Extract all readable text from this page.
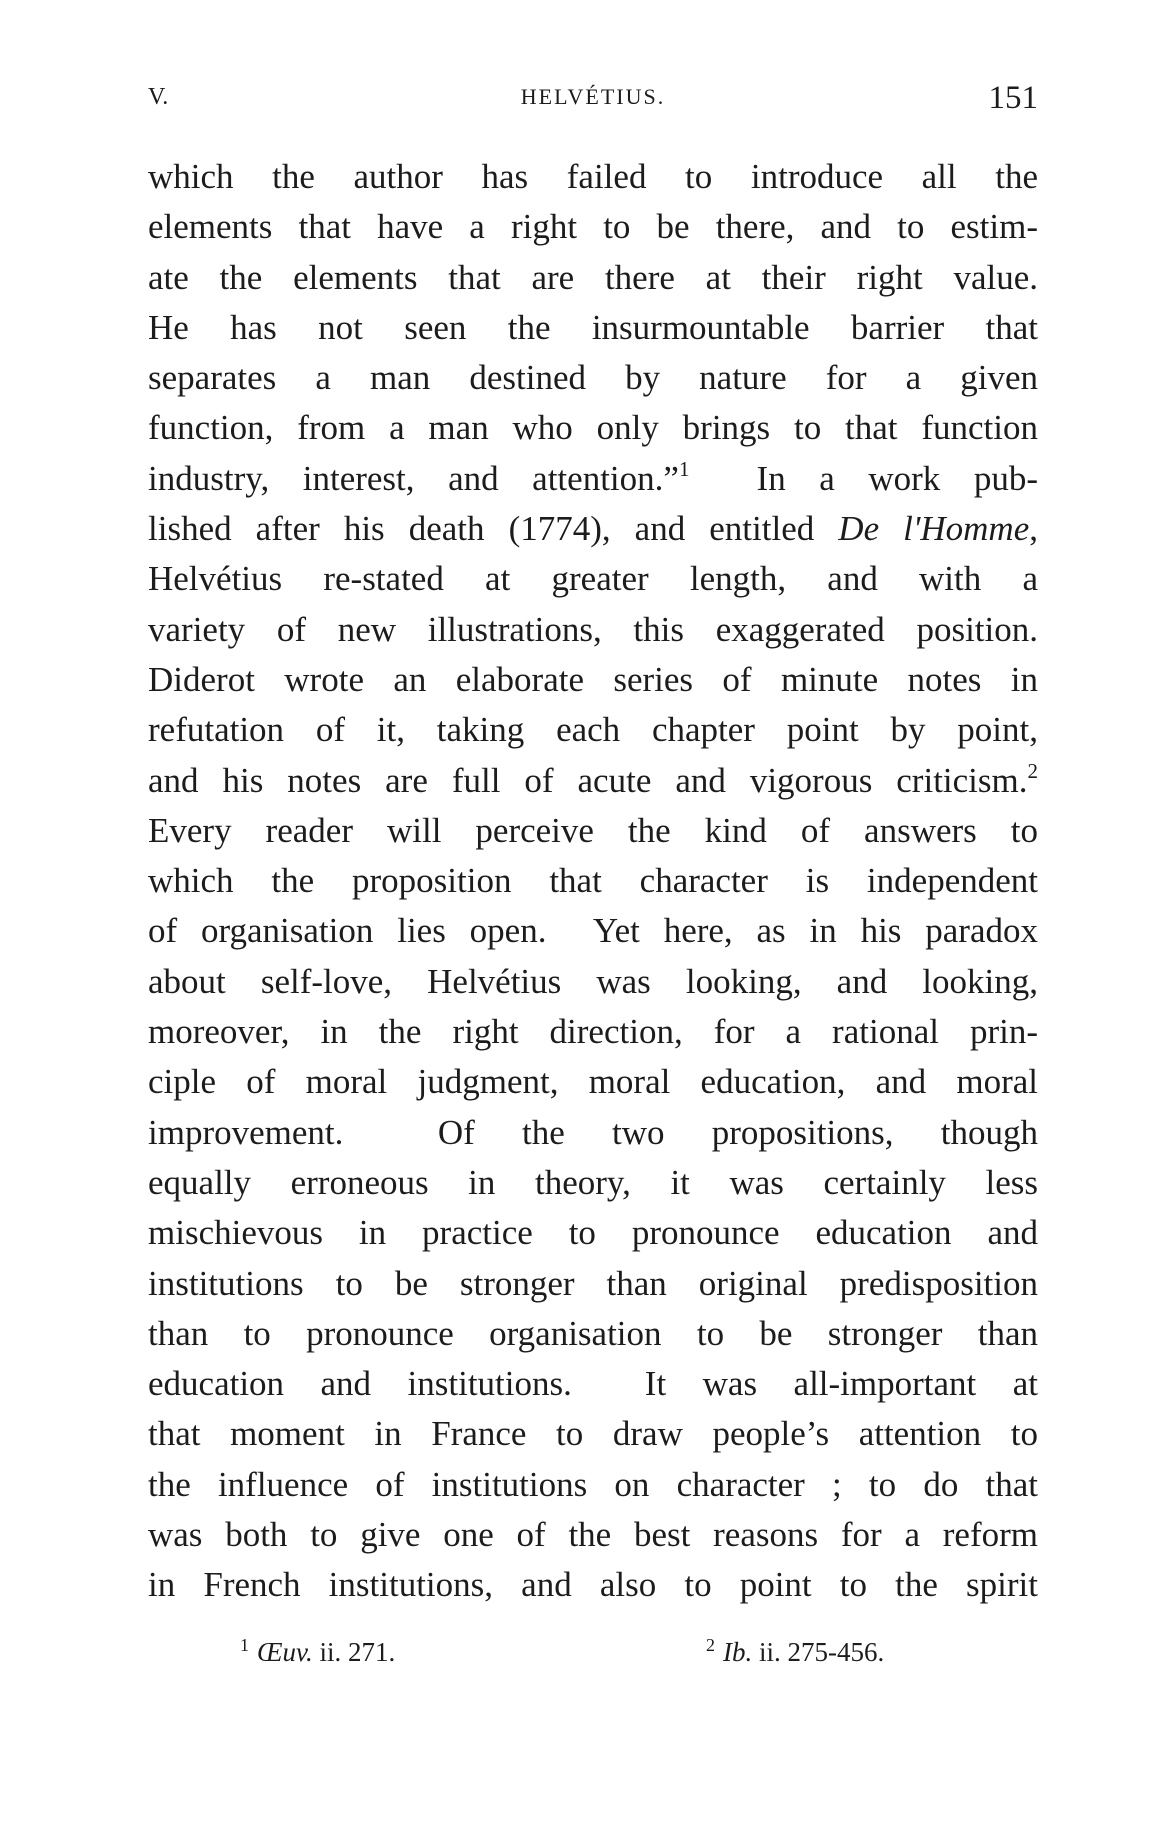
V.	HELVÉTIUS.	151
which the author has failed to introduce all the
elements that have a right to be there, and to estim-
ate the elements that are there at their right value.
He has not seen the insurmountable barrier that
separates a man destined by nature for a given
function, from a man who only brings to that function
industry, interest, and attention.”$^1$  In a work pub-
lished after his death (1774), and entitled De l'Homme,
Helvétius re-stated at greater length, and with a
variety of new illustrations, this exaggerated position.
Diderot wrote an elaborate series of minute notes in
refutation of it, taking each chapter point by point,
and his notes are full of acute and vigorous criticism.$^2$
Every reader will perceive the kind of answers to
which the proposition that character is independent
of organisation lies open.  Yet here, as in his paradox
about self-love, Helvétius was looking, and looking,
moreover, in the right direction, for a rational prin-
ciple of moral judgment, moral education, and moral
improvement.  Of the two propositions, though
equally erroneous in theory, it was certainly less
mischievous in practice to pronounce education and
institutions to be stronger than original predisposition
than to pronounce organisation to be stronger than
education and institutions.  It was all-important at
that moment in France to draw people’s attention to
the influence of institutions on character ; to do that
was both to give one of the best reasons for a reform
in French institutions, and also to point to the spirit
$^1$ Œuv. ii. 271.	$^2$ Ib. ii. 275-456.
